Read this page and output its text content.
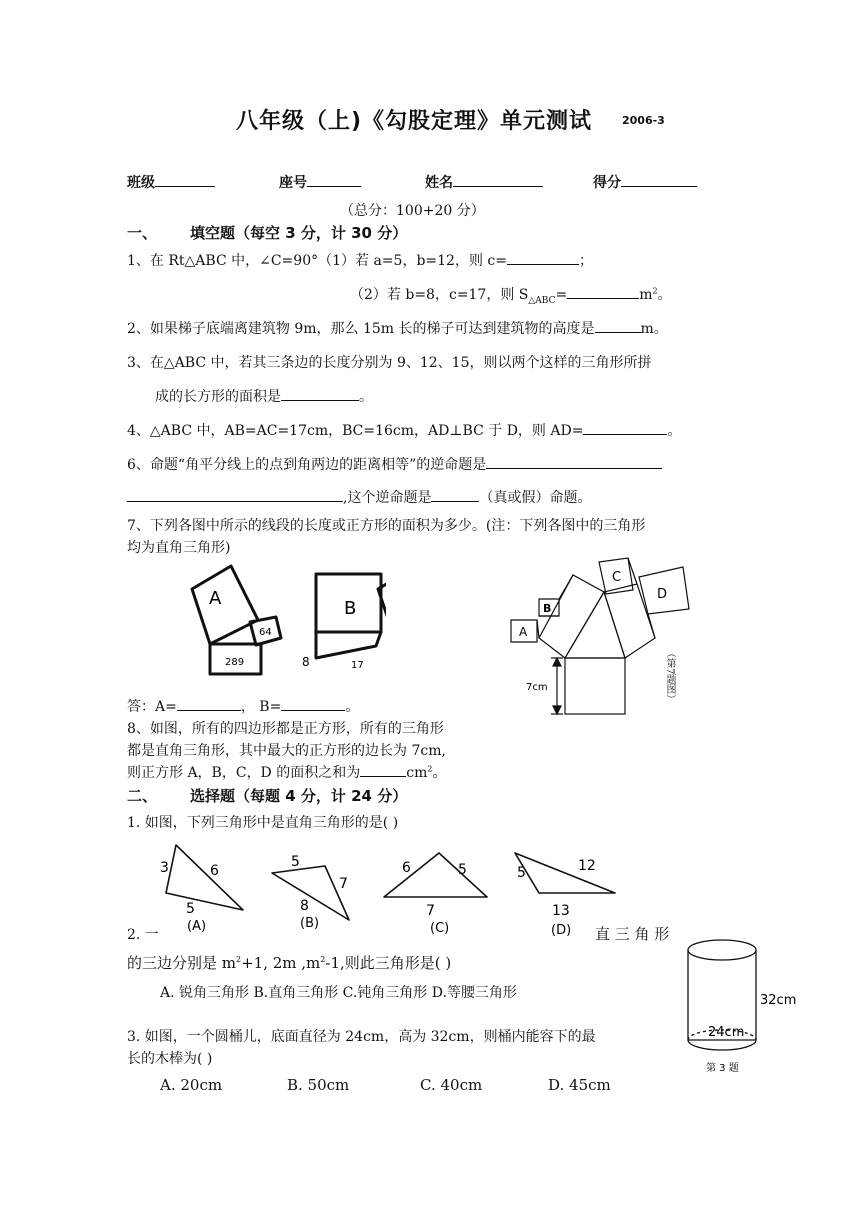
八年级（上)《勾股定理》单元测试	2006-3
班级	座号	姓名	得分
（总分：100+20 分）
一、 填空题（每空 3 分，计 30 分）
1、在 Rt△ABC 中，∠C=90°（1）若 a=5，b=12，则 c=	；
（2）若 b=8，c=17，则 $S_{\triangle ABC}=$	$m^2$。
2、如果梯子底端离建筑物 9m，那么 15m 长的梯子可达到建筑物的高度是	m。
3、在△ABC 中，若其三条边的长度分别为 9、12、15，则以两个这样的三角形所拼
成的长方形的面积是	。
4、△ABC 中，AB=AC=17cm，BC=16cm，AD⊥BC 于 D，则 AD=	。
6、命题“角平分线上的点到角两边的距离相等”的逆命题是
,这个逆命题是	（真或假）命题。
7、下列各图中所示的线段的长度或正方形的面积为多少。(注：下列各图中的三角形
均为直角三角形)
A
64
289
B
8	17
A
B
C
D
7cm	（第7题图）
答：A=	， B=	。
8、如图，所有的四边形都是正方形，所有的三角形
都是直角三角形，其中最大的正方形的边长为 7cm,
则正方形 A，B，C，D 的面积之和为	$cm^2$。
二、 选择题（每题 4 分，计 24 分）
1. 如图，下列三角形中是直角三角形的是( )
3	6
5
(A)
5
7
8
(B)
6	5
7
(C)
5	12
13
(D)
2. 一	直 三 角 形
的三边分别是 $m^2+1$, 2m $,m^2-1$,则此三角形是( )
A. 锐角三角形 B.直角三角形 C.钝角三角形 D.等腰三角形	32cm
24cm
第 3 题
3. 如图，一个圆桶儿，底面直径为 24cm，高为 32cm，则桶内能容下的最
长的木棒为( )
A. 20cm	B. 50cm	C. 40cm	D. 45cm
